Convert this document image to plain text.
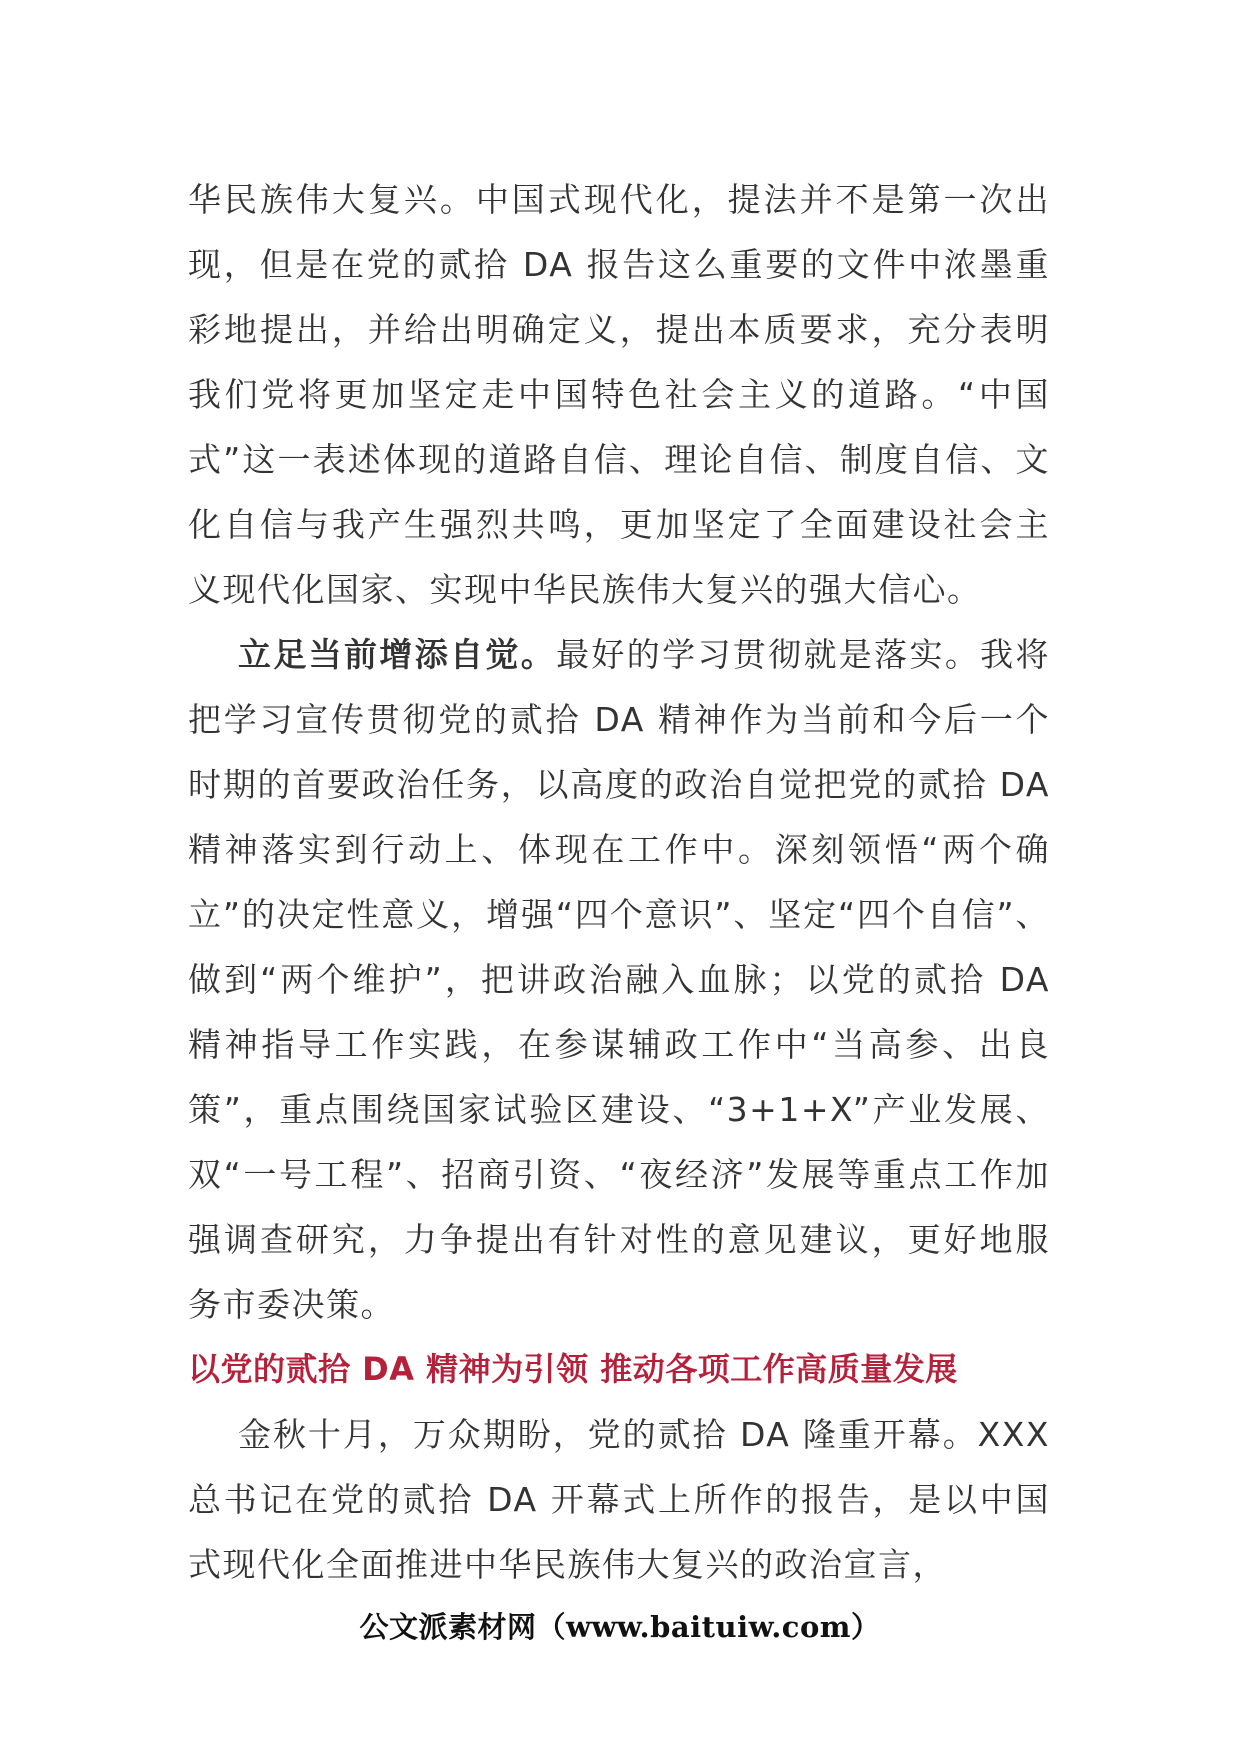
华民族伟大复兴。中国式现代化，提法并不是第一次出现，但是在党的贰拾 DA 报告这么重要的文件中浓墨重彩地提出，并给出明确定义，提出本质要求，充分表明我们党将更加坚定走中国特色社会主义的道路。“中国式”这一表述体现的道路自信、理论自信、制度自信、文化自信与我产生强烈共鸣，更加坚定了全面建设社会主义现代化国家、实现中华民族伟大复兴的强大信心。

立足当前增添自觉。最好的学习贯彻就是落实。我将把学习宣传贯彻党的贰拾 DA 精神作为当前和今后一个时期的首要政治任务，以高度的政治自觉把党的贰拾 DA 精神落实到行动上、体现在工作中。深刻领悟“两个确立”的决定性意义，增强“四个意识”、坚定“四个自信”、做到“两个维护”，把讲政治融入血脉；以党的贰拾 DA 精神指导工作实践，在参谋辅政工作中“当高参、出良策”，重点围绕国家试验区建设、“3+1+X”产业发展、双“一号工程”、招商引资、“夜经济”发展等重点工作加强调查研究，力争提出有针对性的意见建议，更好地服务市委决策。

以党的贰拾 DA 精神为引领 推动各项工作高质量发展

金秋十月，万众期盼，党的贰拾 DA 隆重开幕。XXX 总书记在党的贰拾 DA 开幕式上所作的报告，是以中国式现代化全面推进中华民族伟大复兴的政治宣言，

公文派素材网（www.baituiw.com）
